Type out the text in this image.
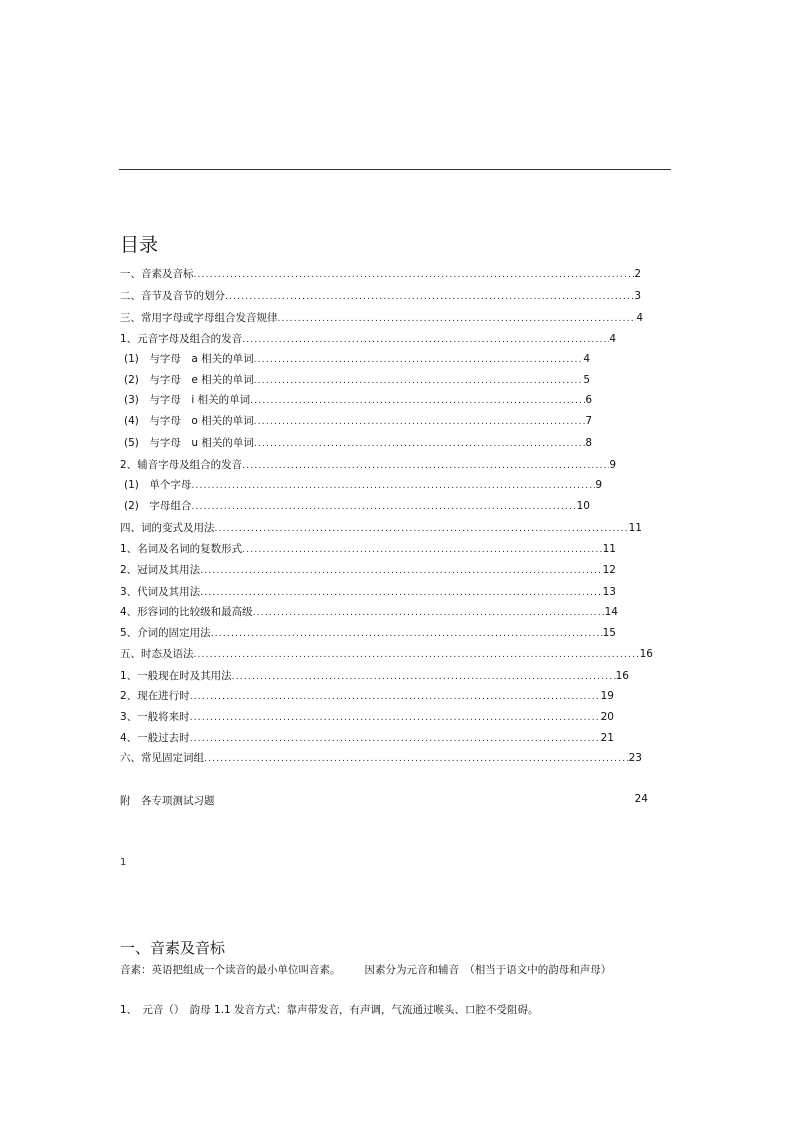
目录
一、音素及音标 .....	2
二、音节及音节的划分 .....	3
三、常用字母或字母组合发音规律 .....	4
1、元音字母及组合的发音 .....	4
(1)　与字母　a 相关的单词 .....	4
(2)　与字母　e 相关的单词 .....	5
(3)　与字母　i 相关的单词 .....	6
(4)　与字母　o 相关的单词 .....	7
(5)　与字母　u 相关的单词 .....	8
2、辅音字母及组合的发音 .....	9
(1)　单个字母 .....	9
(2)　字母组合 .....	10
四、词的变式及用法 .....	11
1、名词及名词的复数形式 .....	11
2、冠词及其用法 .....	12
3、代词及其用法 .....	13
4、形容词的比较级和最高级 .....	14
5、介词的固定用法 .....	15
五、时态及语法 .....	16
1、一般现在时及其用法 .....	16
2、现在进行时 .....	19
3、一般将来时 .....	20
4、一般过去时 .....	21
六、常见固定词组 .....	23
附　各专项测试习题	24
1
一、音素及音标
音素：英语把组成一个读音的最小单位叫音素。 因素分为元音和辅音　（相当于语文中的韵母和声母）
1、　元音（）　韵母 1.1 发音方式：靠声带发音，有声调，气流通过喉头、口腔不受阻碍。
